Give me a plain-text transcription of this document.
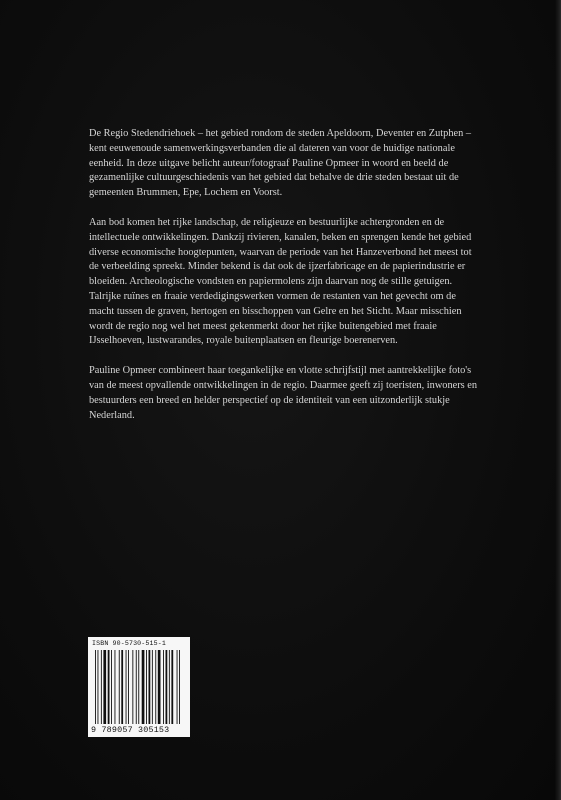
De Regio Stedendriehoek – het gebied rondom de steden Apeldoorn, Deventer en Zutphen – kent eeuwenoude samenwerkingsverbanden die al dateren van voor de huidige nationale eenheid. In deze uitgave belicht auteur/fotograaf Pauline Opmeer in woord en beeld de gezamenlijke cultuurgeschiedenis van het gebied dat behalve de drie steden bestaat uit de gemeenten Brummen, Epe, Lochem en Voorst.

Aan bod komen het rijke landschap, de religieuze en bestuurlijke achtergronden en de intellectuele ontwikkelingen. Dankzij rivieren, kanalen, beken en sprengen kende het gebied diverse economische hoogtepunten, waarvan de periode van het Hanzeverbond het meest tot de verbeelding spreekt. Minder bekend is dat ook de ijzerfabricage en de papierindustrie er bloeiden. Archeologische vondsten en papiermolens zijn daarvan nog de stille getuigen. Talrijke ruïnes en fraaie verdedigingswerken vormen de restanten van het gevecht om de macht tussen de graven, hertogen en bisschoppen van Gelre en het Sticht. Maar misschien wordt de regio nog wel het meest gekenmerkt door het rijke buitengebied met fraaie IJsselhoeven, lustwarandes, royale buitenplaatsen en fleurige boerenerven.

Pauline Opmeer combineert haar toegankelijke en vlotte schrijfstijl met aantrekkelijke foto's van de meest opvallende ontwikkelingen in de regio. Daarmee geeft zij toeristen, inwoners en bestuurders een breed en helder perspectief op de identiteit van een uitzonderlijk stukje Nederland.

ISBN 90-5730-515-1
9 789057 305153
